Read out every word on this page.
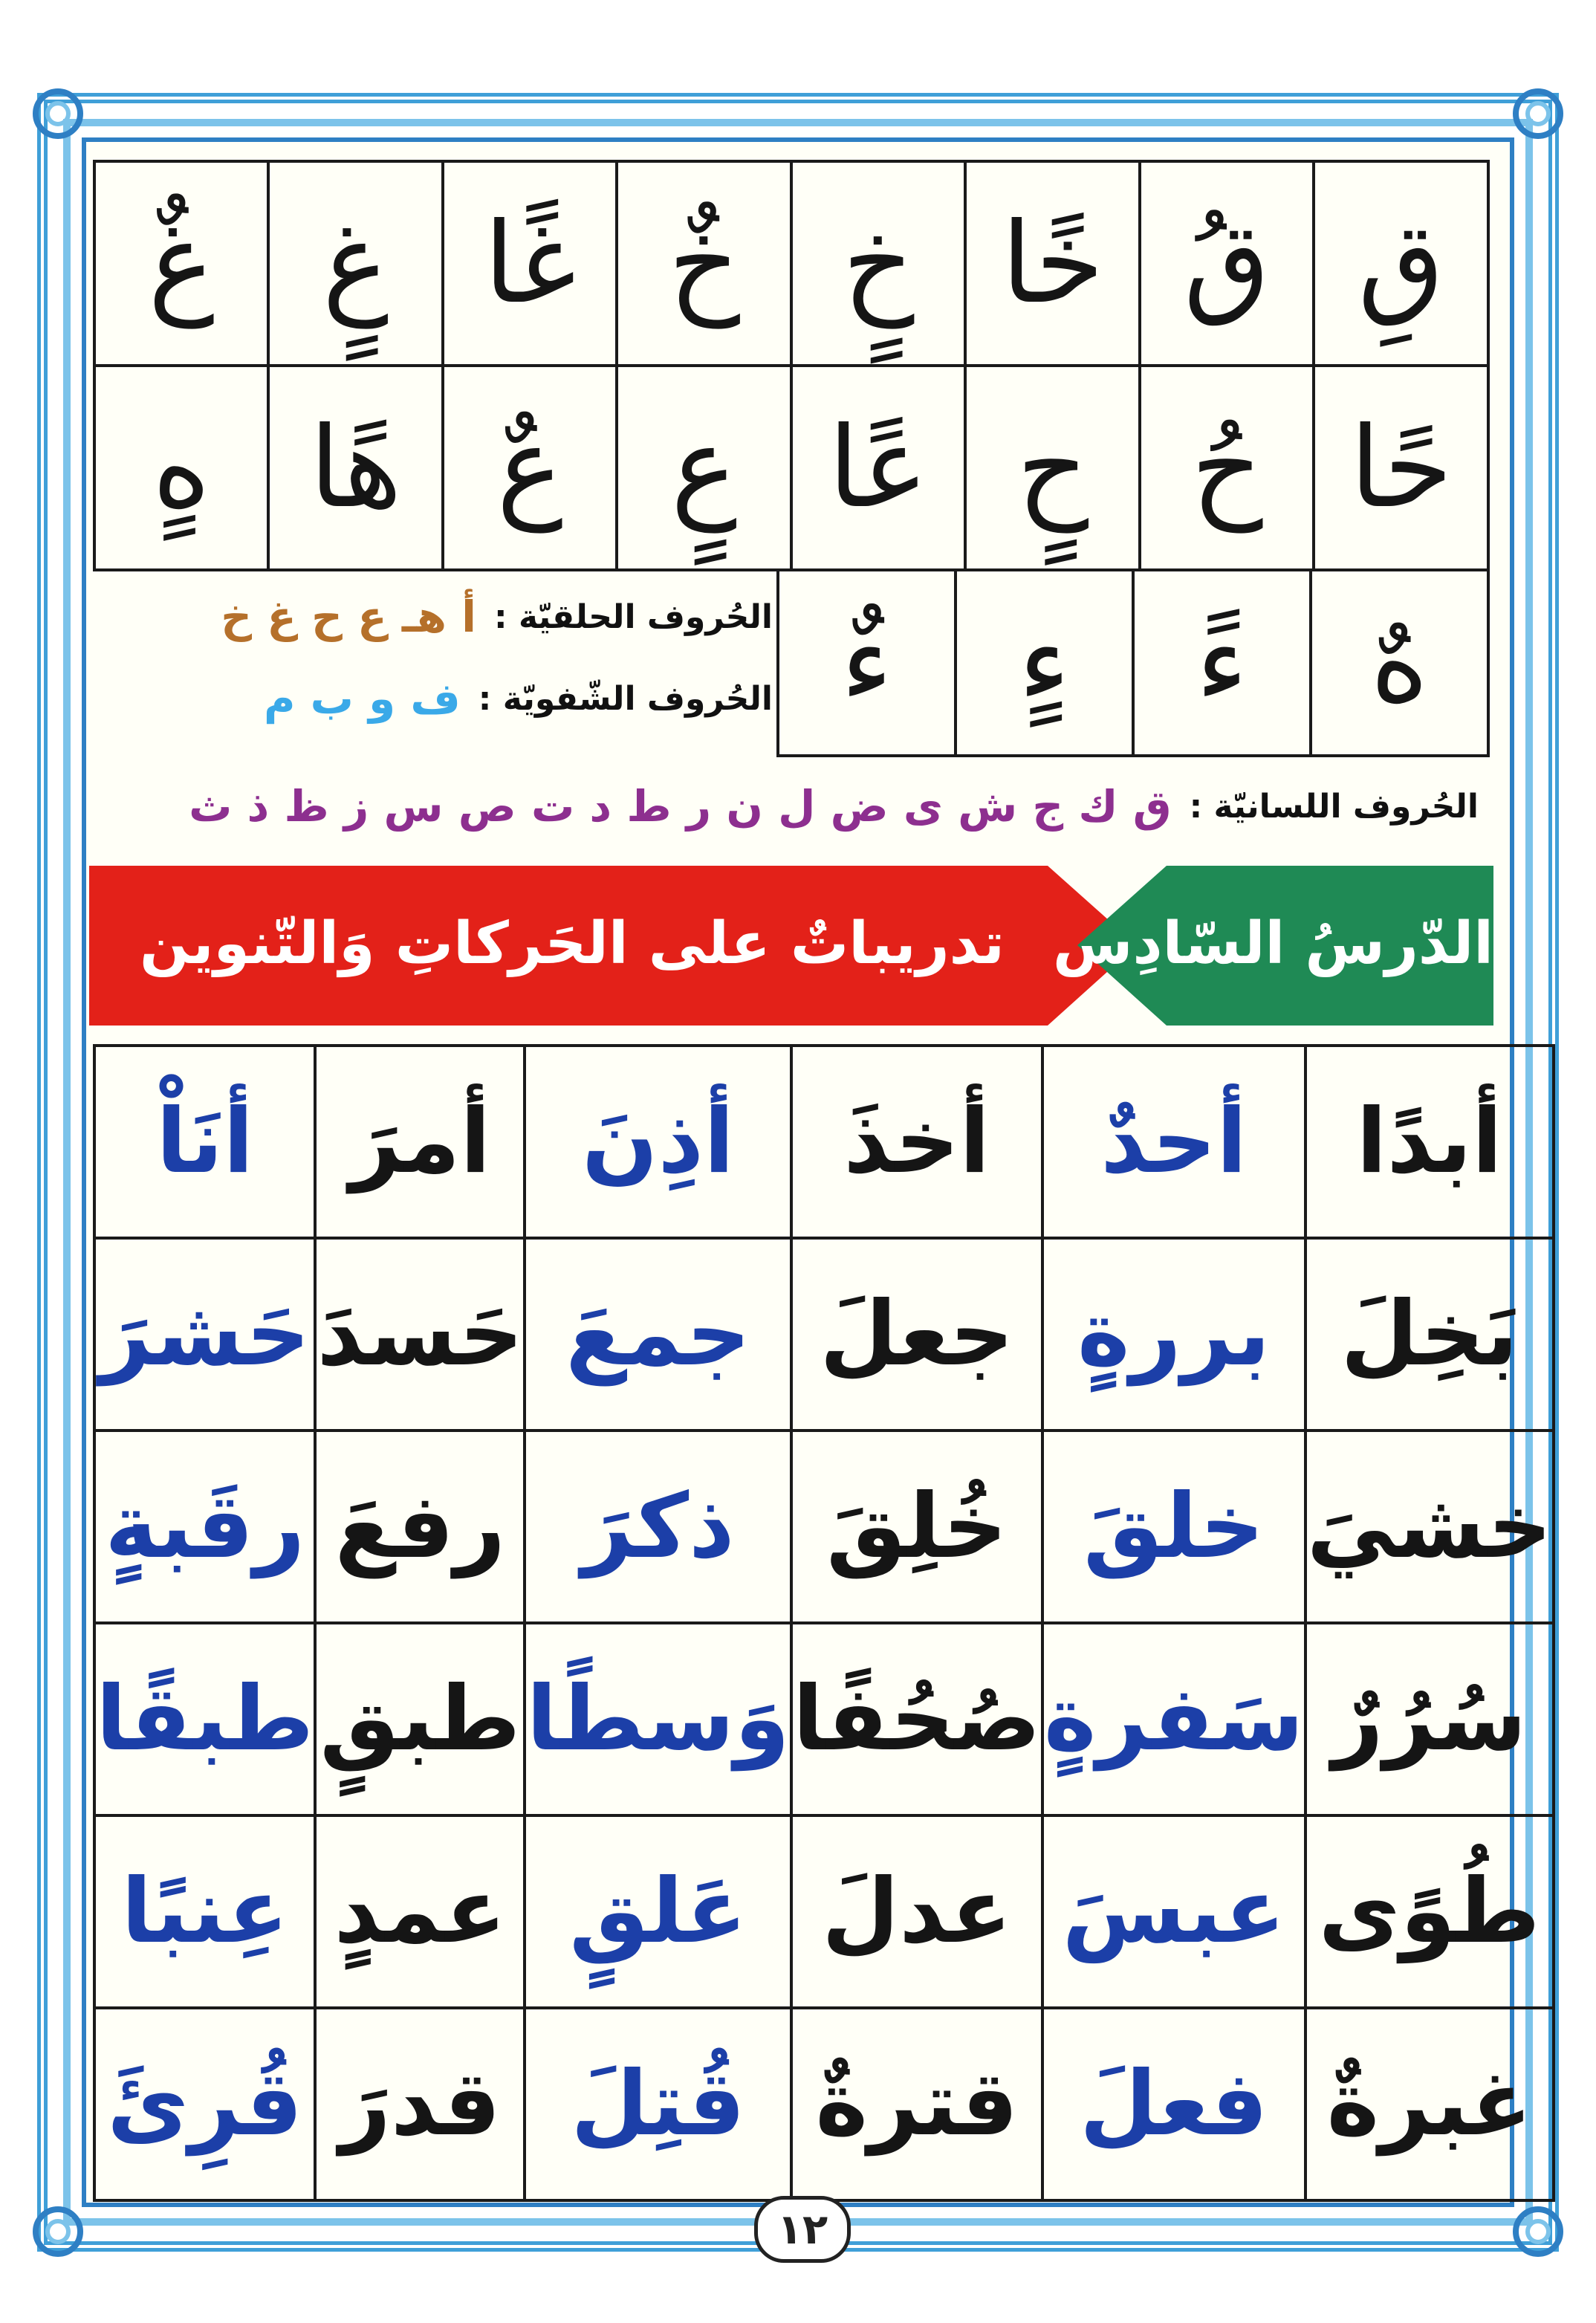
قِ	قُ	خًا	خٍ	خٌ	غًا	غٍ	غٌ
حًا	حُ	حٍ	عًا	عٍ	عٌ	هًا	هٍ
هٌ	ءً	ءٍ	ءٌ
الحُروف الحلقيّة :
أ هـ ع ح غ خ
الحُروف الشّفويّة :
ف و ب م
الحُروف اللسانيّة :
ق ك ج ش ى ض ل ن ر ط د ت ص س ز ظ ذ ث
الدّرسُ السّادِس
تدريباتٌ على الحَركاتِ وَالتّنوين
أبدًا	أحدٌ	أخذَ	أذِنَ	أمرَ	أنَاْ
بَخِلَ	بررةٍ	جعلَ	جمعَ	حَسدَ	حَشرَ
خشيَ	خلقَ	خُلِقَ	ذكرَ	رفعَ	رقَبةٍ
سُرُرٌ	سَفرةٍ	صُحُفًا	وَسطًا	طبقٍ	طبقًا
طُوًى	عبسَ	عدلَ	عَلقٍ	عمدٍ	عِنبًا
غبرةٌ	فعلَ	قترةٌ	قُتِلَ	قدرَ	قُرِئَ
١٢
